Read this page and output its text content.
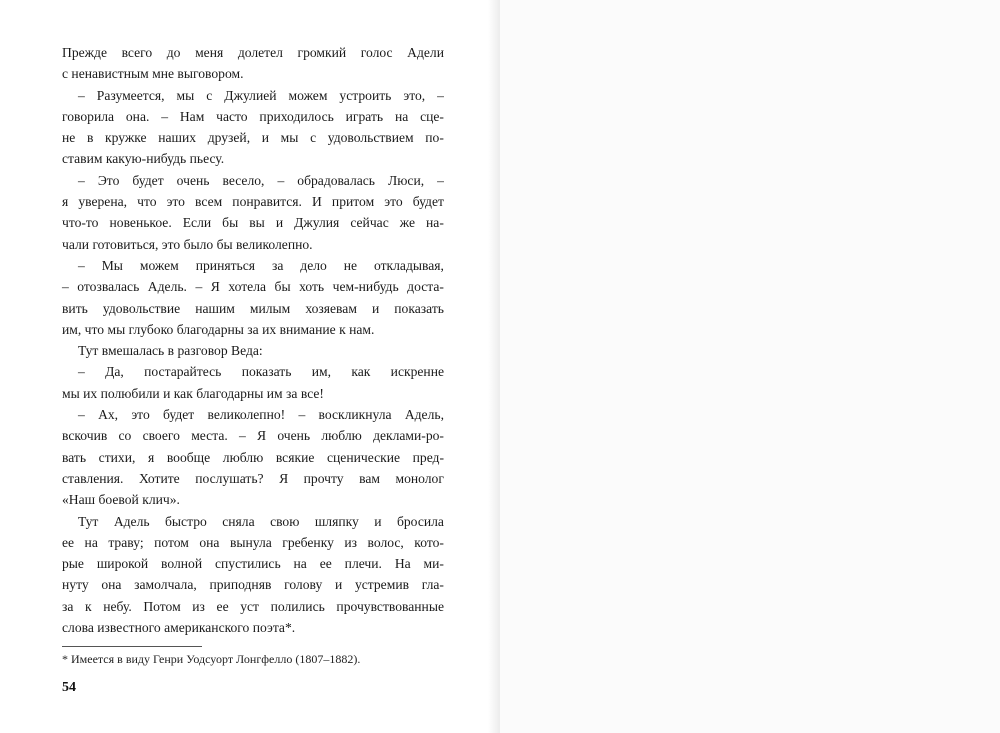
Прежде всего до меня долетел громкий голос Адели
с ненавистным мне выговором.
– Разумеется, мы с Джулией можем устроить это, –
говорила она. – Нам часто приходилось играть на сце-
не в кружке наших друзей, и мы с удовольствием по-
ставим какую-нибудь пьесу.
– Это будет очень весело, – обрадовалась Люси, –
я уверена, что это всем понравится. И притом это будет
что-то новенькое. Если бы вы и Джулия сейчас же на-
чали готовиться, это было бы великолепно.
– Мы можем приняться за дело не откладывая,
– отозвалась Адель. – Я хотела бы хоть чем-нибудь доста-
вить удовольствие нашим милым хозяевам и показать
им, что мы глубоко благодарны за их внимание к нам.
Тут вмешалась в разговор Веда:
– Да, постарайтесь показать им, как искренне
мы их полюбили и как благодарны им за все!
– Ах, это будет великолепно! – воскликнула Адель,
вскочив со своего места. – Я очень люблю деклами-ро-
вать стихи, я вообще люблю всякие сценические пред-
ставления. Хотите послушать? Я прочту вам монолог
«Наш боевой клич».
Тут Адель быстро сняла свою шляпку и бросила
ее на траву; потом она вынула гребенку из волос, кото-
рые широкой волной спустились на ее плечи. На ми-
нуту она замолчала, приподняв голову и устремив гла-
за к небу. Потом из ее уст полились прочувствованные
слова известного американского поэта*.
* Имеется в виду Генри Уодсуорт Лонгфелло (1807–1882).
54
